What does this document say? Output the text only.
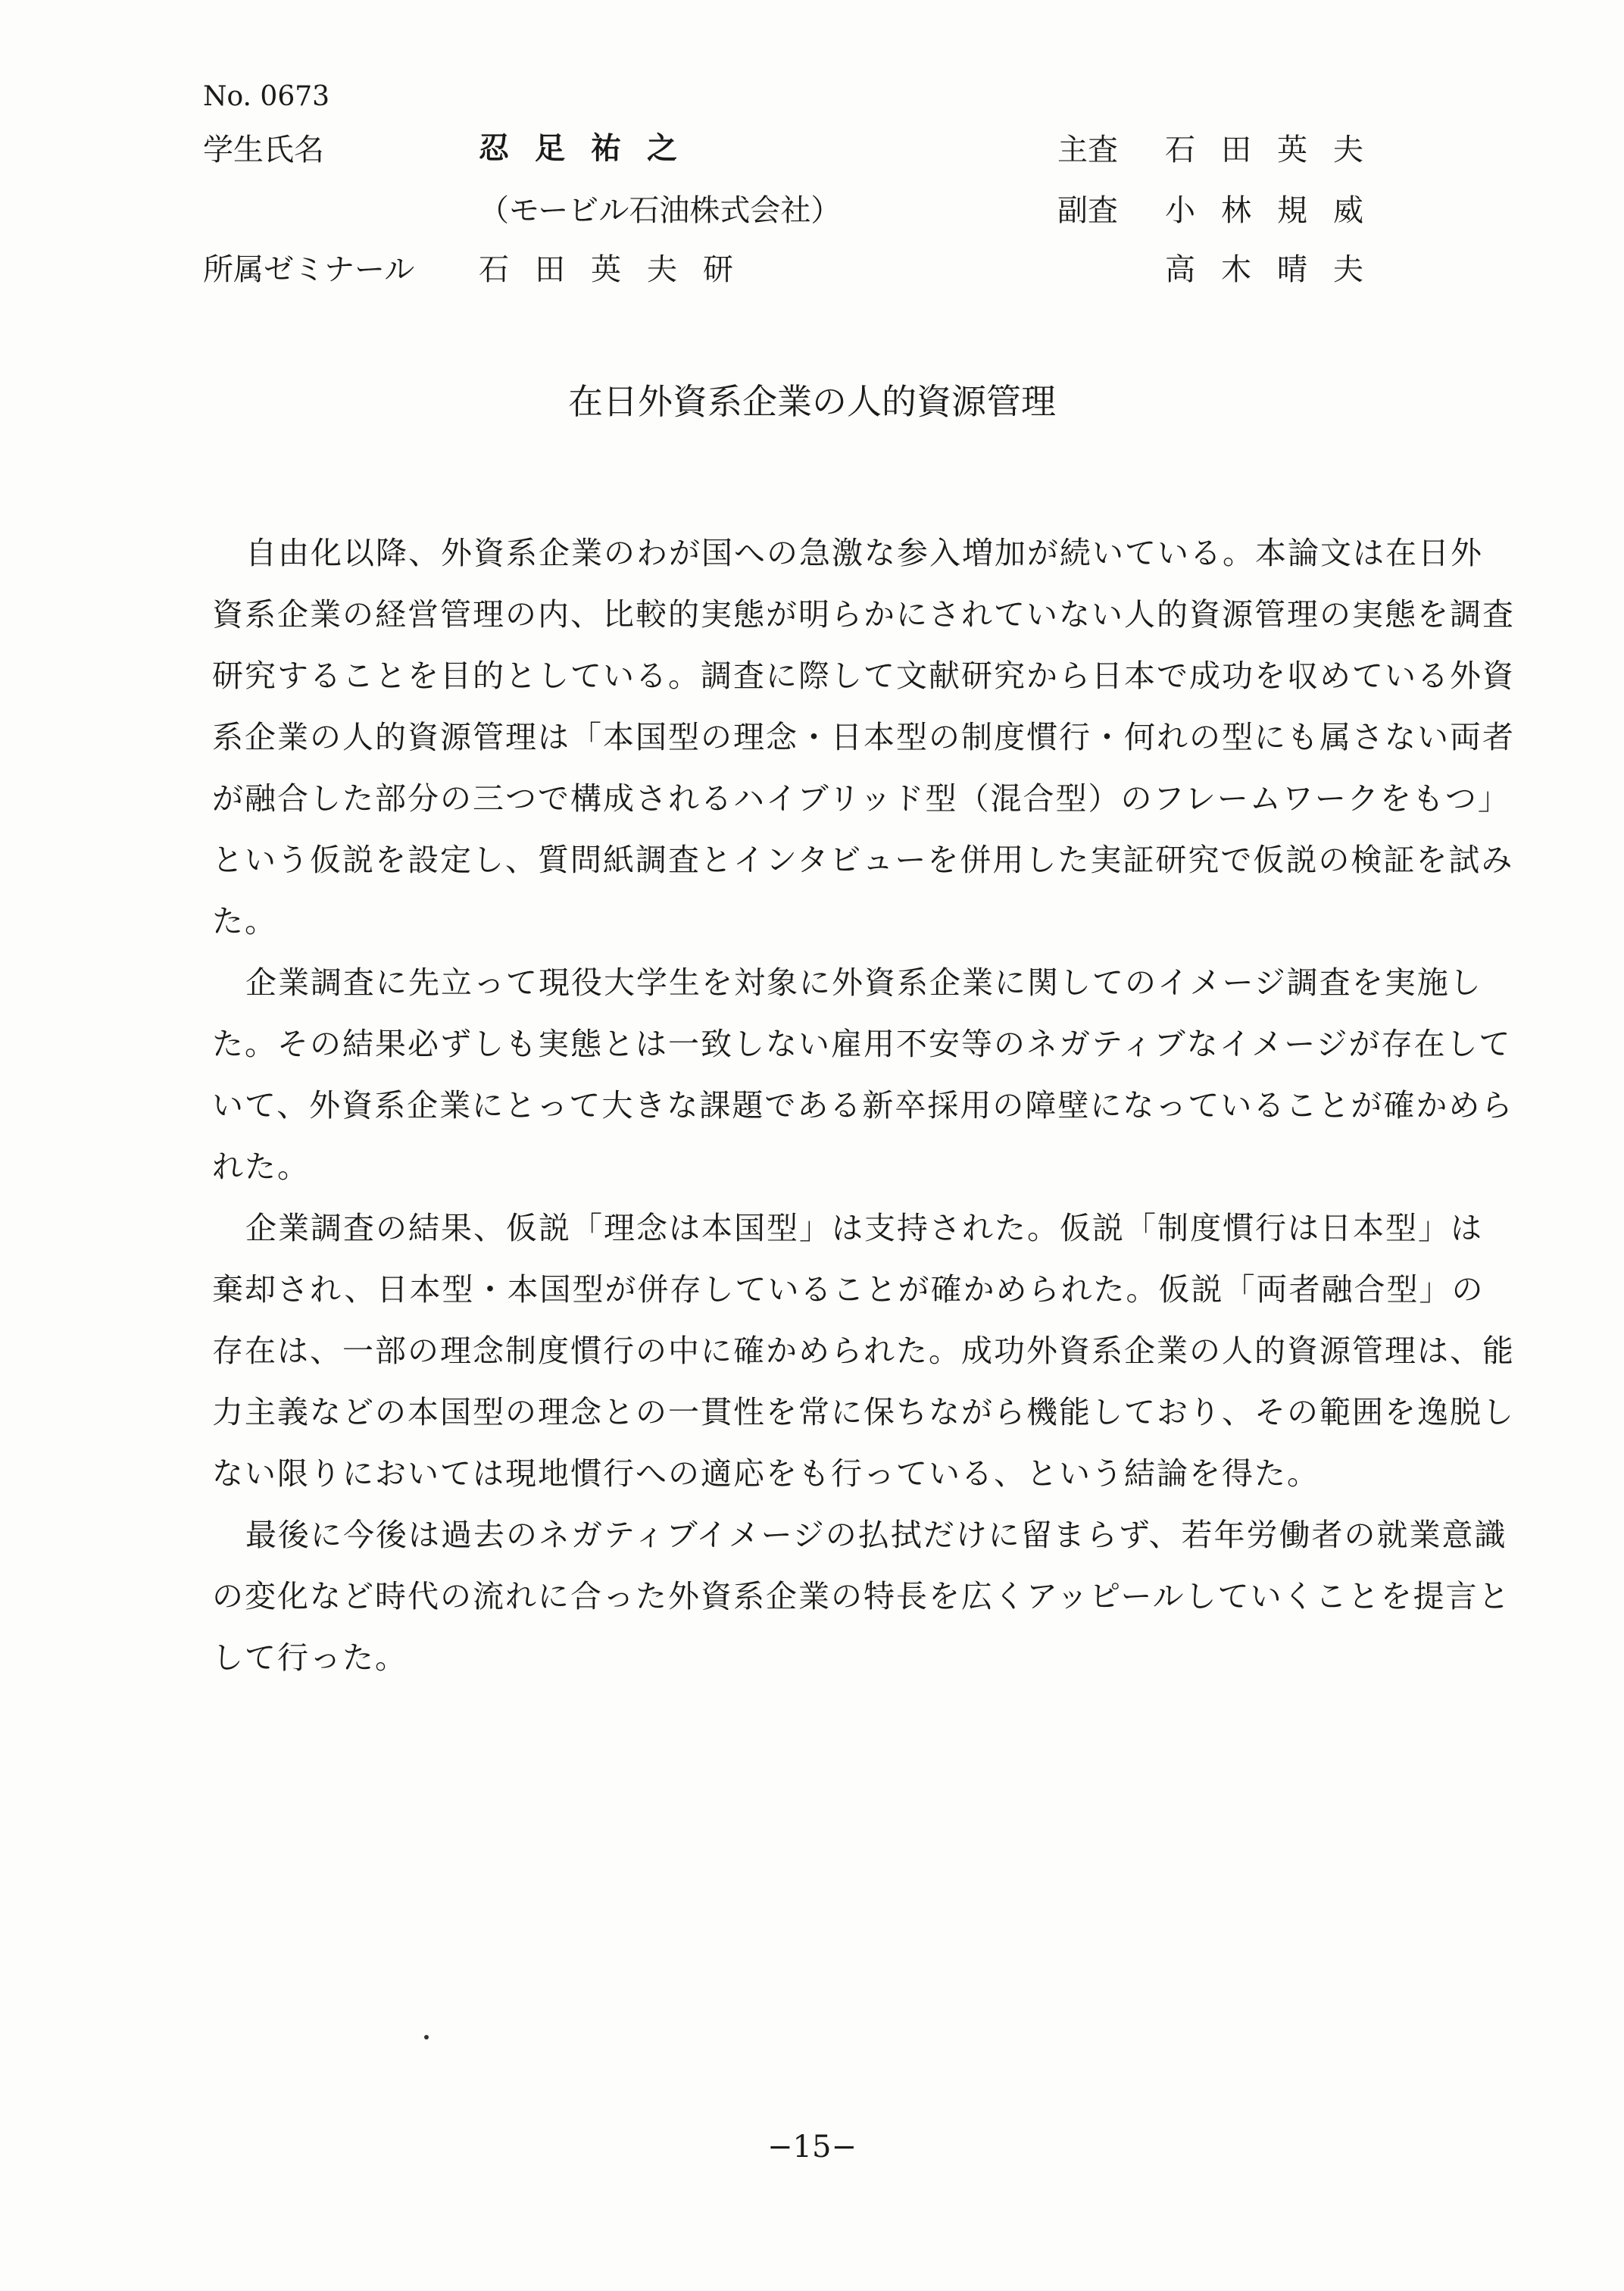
No. 0673
学生氏名	忍足祐之
（モービル石油株式会社）
所属ゼミナール 石田英夫研
主査 石田英夫
副査 小林規威
高木晴夫
在日外資系企業の人的資源管理

自由化以降、外資系企業のわが国への急激な参入増加が続いている。本論文は在日外資系企業の経営管理の内、比較的実態が明らかにされていない人的資源管理の実態を調査研究することを目的としている。調査に際して文献研究から日本で成功を収めている外資系企業の人的資源管理は「本国型の理念・日本型の制度慣行・何れの型にも属さない両者が融合した部分の三つで構成されるハイブリッド型（混合型）のフレームワークをもつ」という仮説を設定し、質問紙調査とインタビューを併用した実証研究で仮説の検証を試みた。

企業調査に先立って現役大学生を対象に外資系企業に関してのイメージ調査を実施した。その結果必ずしも実態とは一致しない雇用不安等のネガティブなイメージが存在していて、外資系企業にとって大きな課題である新卒採用の障壁になっていることが確かめられた。

企業調査の結果、仮説「理念は本国型」は支持された。仮説「制度慣行は日本型」は棄却され、日本型・本国型が併存していることが確かめられた。仮説「両者融合型」の存在は、一部の理念制度慣行の中に確かめられた。成功外資系企業の人的資源管理は、能力主義などの本国型の理念との一貫性を常に保ちながら機能しており、その範囲を逸脱しない限りにおいては現地慣行への適応をも行っている、という結論を得た。

最後に今後は過去のネガティブイメージの払拭だけに留まらず、若年労働者の就業意識の変化など時代の流れに合った外資系企業の特長を広くアッピールしていくことを提言として行った。

−15−
